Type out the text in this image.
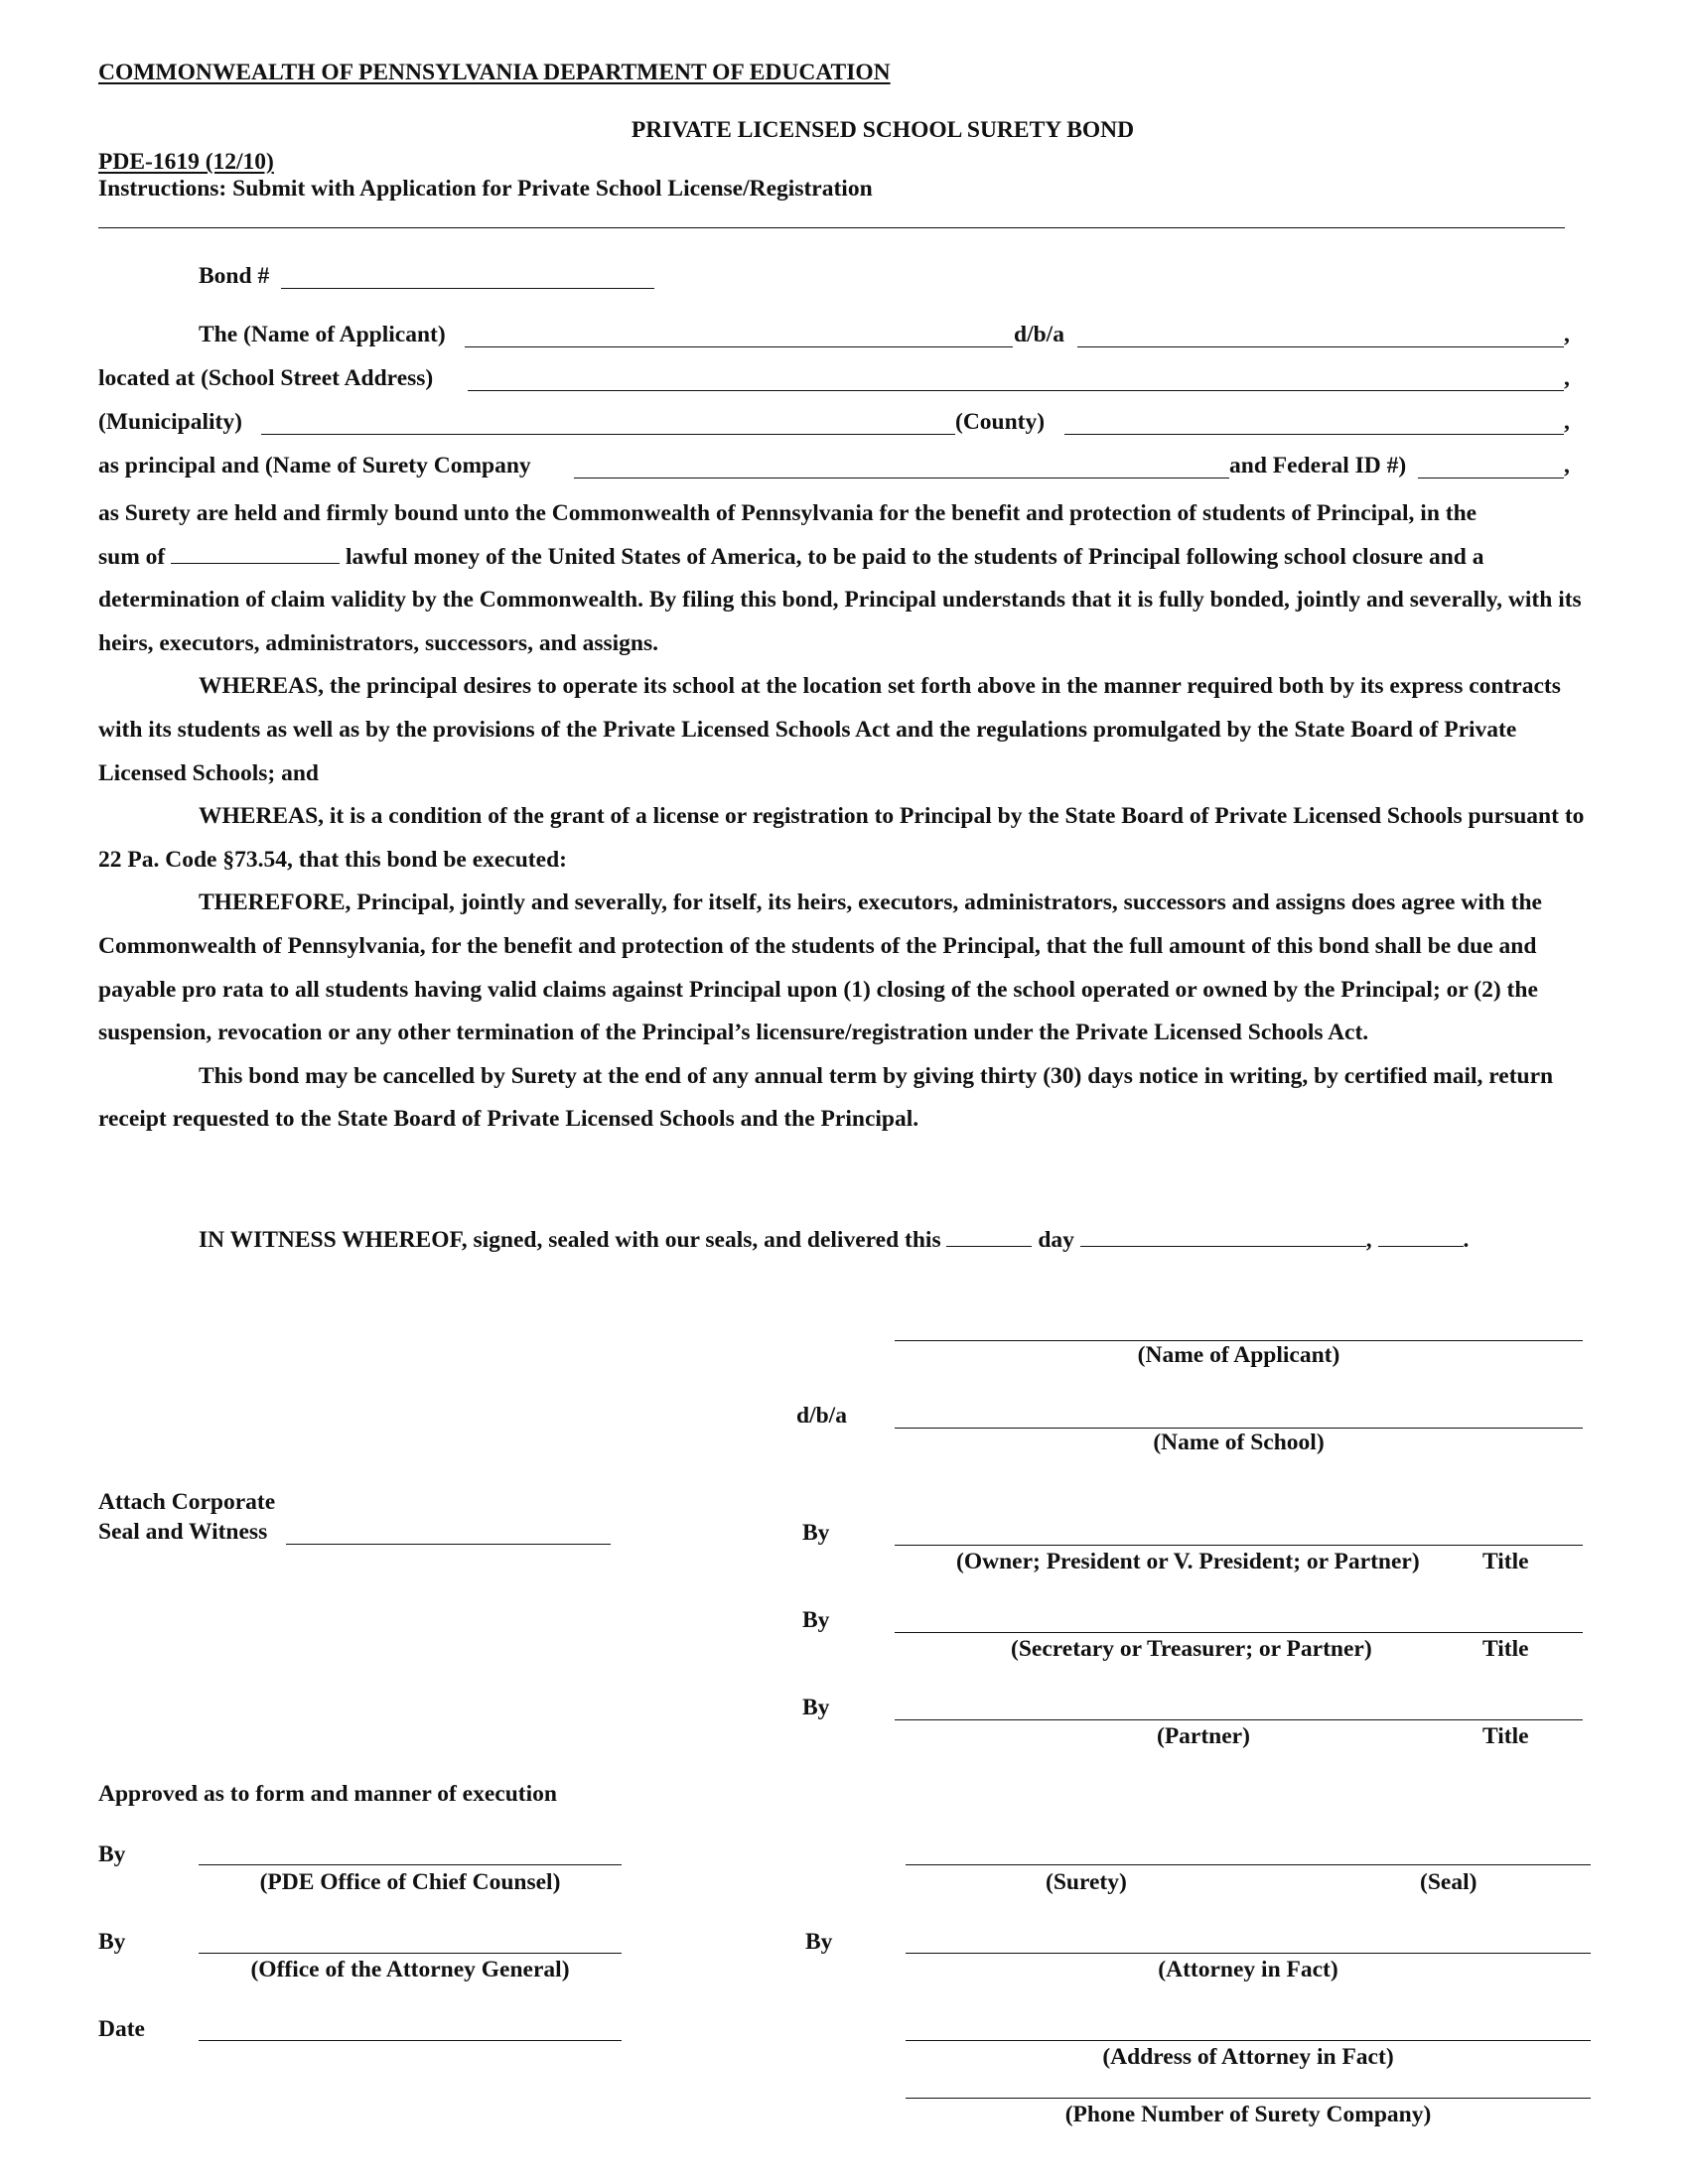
COMMONWEALTH OF PENNSYLVANIA DEPARTMENT OF EDUCATION
PRIVATE LICENSED SCHOOL SURETY BOND
PDE-1619 (12/10)
Instructions: Submit with Application for Private School License/Registration
Bond #
The (Name of Applicant)	d/b/a	,
located at (School Street Address)	,
(Municipality)	(County)	,
as principal and (Name of Surety Company	and Federal ID #)	,

as Surety are held and firmly bound unto the Commonwealth of Pennsylvania for the benefit and protection of students of Principal, in the
sum of	lawful money of the United States of America, to be paid to the students of Principal following school closure and a determination of claim validity by the Commonwealth. By filing this bond, Principal understands that it is fully bonded, jointly and severally, with its heirs, executors, administrators, successors, and assigns.

WHEREAS, the principal desires to operate its school at the location set forth above in the manner required both by its express contracts with its students as well as by the provisions of the Private Licensed Schools Act and the regulations promulgated by the State Board of Private Licensed Schools; and

WHEREAS, it is a condition of the grant of a license or registration to Principal by the State Board of Private Licensed Schools pursuant to 22 Pa. Code §73.54, that this bond be executed:

THEREFORE, Principal, jointly and severally, for itself, its heirs, executors, administrators, successors and assigns does agree with the Commonwealth of Pennsylvania, for the benefit and protection of the students of the Principal, that the full amount of this bond shall be due and payable pro rata to all students having valid claims against Principal upon (1) closing of the school operated or owned by the Principal; or (2) the suspension, revocation or any other termination of the Principal’s licensure/registration under the Private Licensed Schools Act.

This bond may be cancelled by Surety at the end of any annual term by giving thirty (30) days notice in writing, by certified mail, return receipt requested to the State Board of Private Licensed Schools and the Principal.

IN WITNESS WHEREOF, signed, sealed with our seals, and delivered this	day	,	.
(Name of Applicant)
d/b/a
(Name of School)
Attach Corporate
Seal and Witness	By
(Owner; President or V. President; or Partner)	Title
By
(Secretary or Treasurer; or Partner)	Title
By
(Partner)	Title
Approved as to form and manner of execution
By
(PDE Office of Chief Counsel)	(Surety)	(Seal)
By
(Office of the Attorney General)
By
(Attorney in Fact)
Date
(Address of Attorney in Fact)
(Phone Number of Surety Company)
